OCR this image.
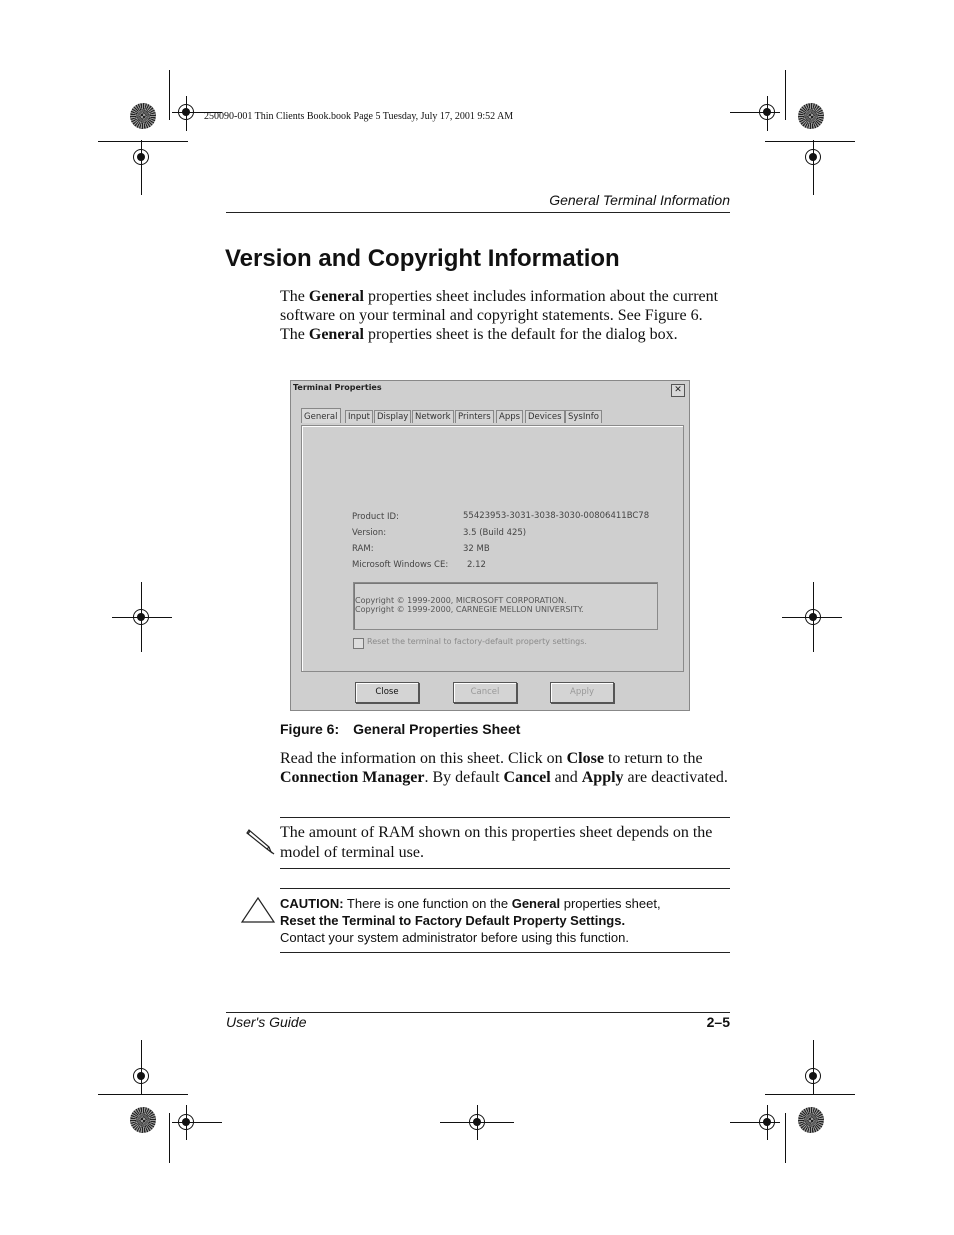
250090-001 Thin Clients Book.book Page 5 Tuesday, July 17, 2001 9:52 AM
General Terminal Information
Version and Copyright Information

The General properties sheet includes information about the current software on your terminal and copyright statements. See Figure 6. The General properties sheet is the default for the dialog box.

Terminal Properties	✕
General	Input Display Network Printers Apps Devices SysInfo
Product ID:	55423953-3031-3038-3030-00806411BC78
Version:	3.5 (Build 425)
RAM:	32 MB
Microsoft Windows CE: 2.12
Copyright © 1999-2000, MICROSOFT CORPORATION.
Copyright © 1999-2000, CARNEGIE MELLON UNIVERSITY.
Reset the terminal to factory-default property settings.
Close	Cancel	Apply
Figure 6: General Properties Sheet

Read the information on this sheet. Click on Close to return to the Connection Manager. By default Cancel and Apply are deactivated.

The amount of RAM shown on this properties sheet depends on the model of terminal use.

CAUTION: There is one function on the General properties sheet,
Reset the Terminal to Factory Default Property Settings.
Contact your system administrator before using this function.
User's Guide	2–5
